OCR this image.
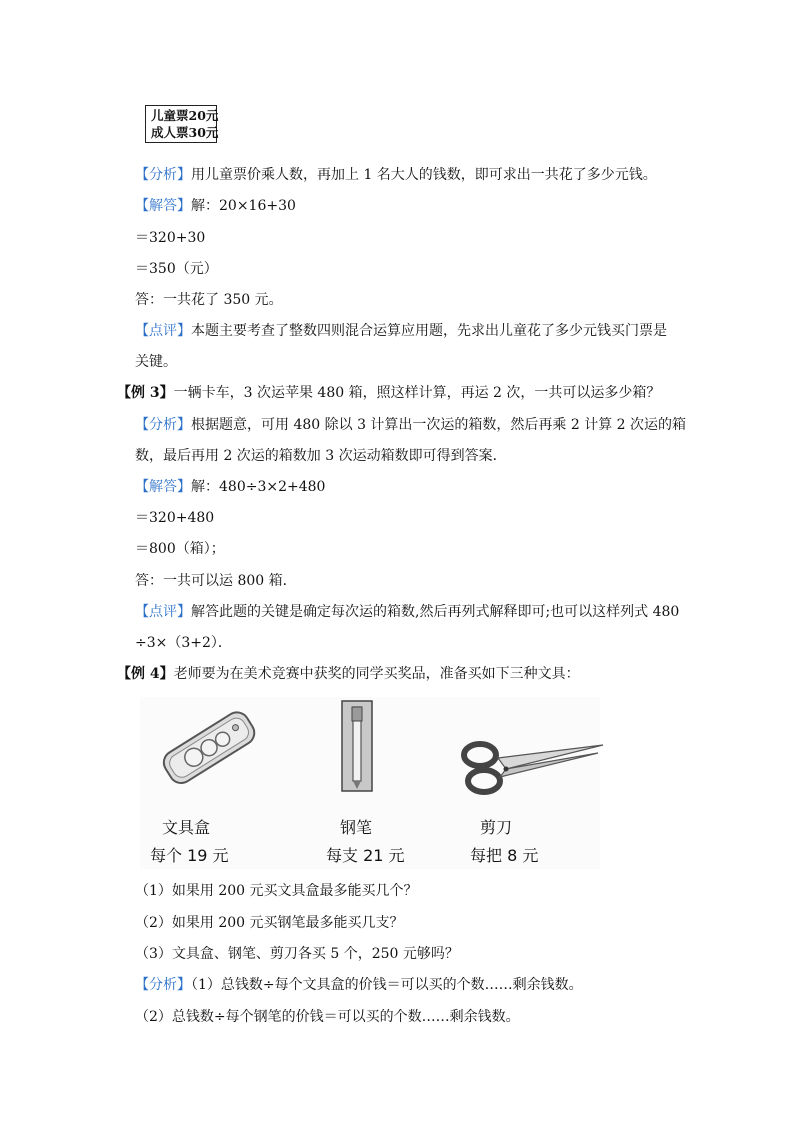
儿童票20元
成人票30元
【分析】用儿童票价乘人数，再加上 1 名大人的钱数，即可求出一共花了多少元钱。
【解答】解：20×16+30
＝320+30
＝350（元）
答：一共花了 350 元。
【点评】本题主要考查了整数四则混合运算应用题，先求出儿童花了多少元钱买门票是
关键。
【例 3】一辆卡车，3 次运苹果 480 箱，照这样计算，再运 2 次，一共可以运多少箱？
【分析】根据题意，可用 480 除以 3 计算出一次运的箱数，然后再乘 2 计算 2 次运的箱
数，最后再用 2 次运的箱数加 3 次运动箱数即可得到答案．
【解答】解：480÷3×2+480
＝320+480
＝800（箱）；
答：一共可以运 800 箱．
【点评】解答此题的关键是确定每次运的箱数,然后再列式解释即可;也可以这样列式 480
÷3×（3+2）．
【例 4】老师要为在美术竞赛中获奖的同学买奖品，准备买如下三种文具：
文具盒
每个 19 元
钢笔
每支 21 元
剪刀
每把 8 元
（1）如果用 200 元买文具盒最多能买几个？
（2）如果用 200 元买钢笔最多能买几支？
（3）文具盒、钢笔、剪刀各买 5 个，250 元够吗？
【分析】（1）总钱数÷每个文具盒的价钱＝可以买的个数……剩余钱数。
（2）总钱数÷每个钢笔的价钱＝可以买的个数……剩余钱数。
